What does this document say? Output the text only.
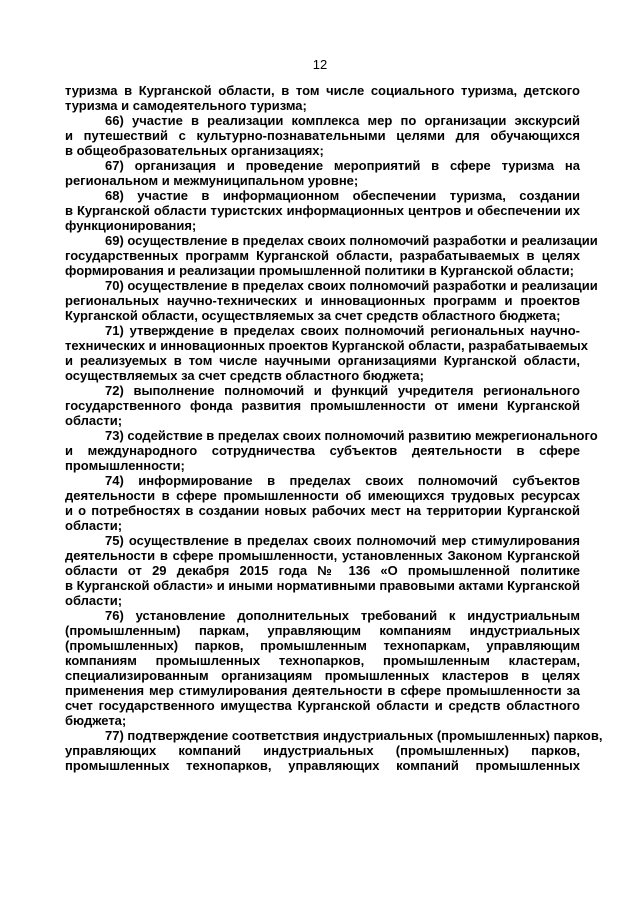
12
туризма в Курганской области, в том числе социального туризма, детского
туризма и самодеятельного туризма;
66) участие в реализации комплекса мер по организации экскурсий
и путешествий с культурно-познавательными целями для обучающихся
в общеобразовательных организациях;
67) организация и проведение мероприятий в сфере туризма на
региональном и межмуниципальном уровне;
68) участие в информационном обеспечении туризма, создании
в Курганской области туристских информационных центров и обеспечении их
функционирования;
69) осуществление в пределах своих полномочий разработки и реализации
государственных программ Курганской области, разрабатываемых в целях
формирования и реализации промышленной политики в Курганской области;
70) осуществление в пределах своих полномочий разработки и реализации
региональных научно-технических и инновационных программ и проектов
Курганской области, осуществляемых за счет средств областного бюджета;
71) утверждение в пределах своих полномочий региональных научно-
технических и инновационных проектов Курганской области, разрабатываемых
и реализуемых в том числе научными организациями Курганской области,
осуществляемых за счет средств областного бюджета;
72) выполнение полномочий и функций учредителя регионального
государственного фонда развития промышленности от имени Курганской
области;
73) содействие в пределах своих полномочий развитию межрегионального
и международного сотрудничества субъектов деятельности в сфере
промышленности;
74) информирование в пределах своих полномочий субъектов
деятельности в сфере промышленности об имеющихся трудовых ресурсах
и о потребностях в создании новых рабочих мест на территории Курганской
области;
75) осуществление в пределах своих полномочий мер стимулирования
деятельности в сфере промышленности, установленных Законом Курганской
области от 29 декабря 2015 года № 136 «О промышленной политике
в Курганской области» и иными нормативными правовыми актами Курганской
области;
76) установление дополнительных требований к индустриальным
(промышленным) паркам, управляющим компаниям индустриальных
(промышленных) парков, промышленным технопаркам, управляющим
компаниям промышленных технопарков, промышленным кластерам,
специализированным организациям промышленных кластеров в целях
применения мер стимулирования деятельности в сфере промышленности за
счет государственного имущества Курганской области и средств областного
бюджета;
77) подтверждение соответствия индустриальных (промышленных) парков,
управляющих компаний индустриальных (промышленных) парков,
промышленных технопарков, управляющих компаний промышленных
